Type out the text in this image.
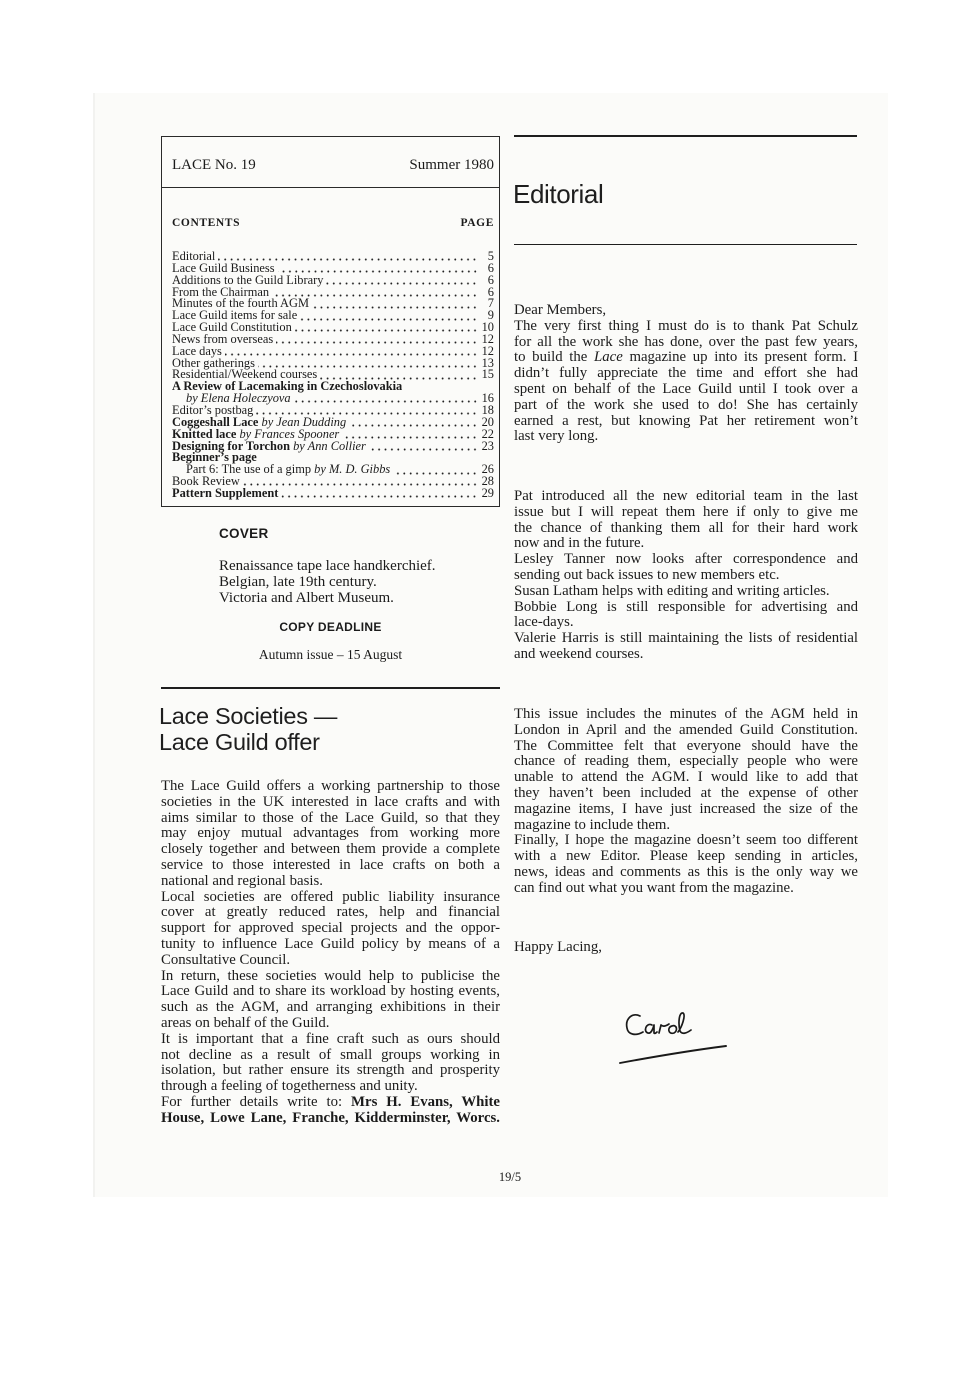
LACE No. 19	Summer 1980
CONTENTS	PAGE
Editorial	5
Lace Guild Business	6
Additions to the Guild Library	6
From the Chairman	6
Minutes of the fourth AGM	7
Lace Guild items for sale	9
Lace Guild Constitution	10
News from overseas	12
Lace days	12
Other gatherings	13
Residential/Weekend courses	15
A Review of Lacemaking in Czechoslovakia
by Elena Holeczyova	16
Editor’s postbag	18
Coggeshall Lace by Jean Dudding	20
Knitted lace by Frances Spooner	22
Designing for Torchon by Ann Collier	23
Beginner’s page
Part 6: The use of a gimp by M. D. Gibbs	26
Book Review	28
Pattern Supplement	29
COVER
Renaissance tape lace handkerchief.
Belgian, late 19th century.
Victoria and Albert Museum.
COPY DEADLINE
Autumn issue – 15 August
Lace Societies —
Lace Guild offer
The Lace Guild offers a working partnership to those
societies in the UK interested in lace crafts and with
aims similar to those of the Lace Guild, so that they
may enjoy mutual advantages from working more
closely together and between them provide a complete
service to those interested in lace crafts on both a
national and regional basis.
Local societies are offered public liability insurance
cover at greatly reduced rates, help and financial
support for approved special projects and the oppor-
tunity to influence Lace Guild policy by means of a
Consultative Council.
In return, these societies would help to publicise the
Lace Guild and to share its workload by hosting events,
such as the AGM, and arranging exhibitions in their
areas on behalf of the Guild.
It is important that a fine craft such as ours should
not decline as a result of small groups working in
isolation, but rather ensure its strength and prosperity
through a feeling of togetherness and unity.
For further details write to: Mrs H. Evans, White
House, Lowe Lane, Franche, Kidderminster, Worcs.
Editorial
Dear Members,
The very first thing I must do is to thank Pat Schulz
for all the work she has done, over the past few years,
to build the Lace magazine up into its present form. I
didn’t fully appreciate the time and effort she had
spent on behalf of the Lace Guild until I took over a
part of the work she used to do! She has certainly
earned a rest, but knowing Pat her retirement won’t
last very long.
Pat introduced all the new editorial team in the last
issue but I will repeat them here if only to give me
the chance of thanking them all for their hard work
now and in the future.
Lesley Tanner now looks after correspondence and
sending out back issues to new members etc.
Susan Latham helps with editing and writing articles.
Bobbie Long is still responsible for advertising and
lace-days.
Valerie Harris is still maintaining the lists of residential
and weekend courses.
This issue includes the minutes of the AGM held in
London in April and the amended Guild Constitution.
The Committee felt that everyone should have the
chance of reading them, especially people who were
unable to attend the AGM. I would like to add that
they haven’t been included at the expense of other
magazine items, I have just increased the size of the
magazine to include them.
Finally, I hope the magazine doesn’t seem too different
with a new Editor. Please keep sending in articles,
news, ideas and comments as this is the only way we
can find out what you want from the magazine.
Happy Lacing,
19/5
